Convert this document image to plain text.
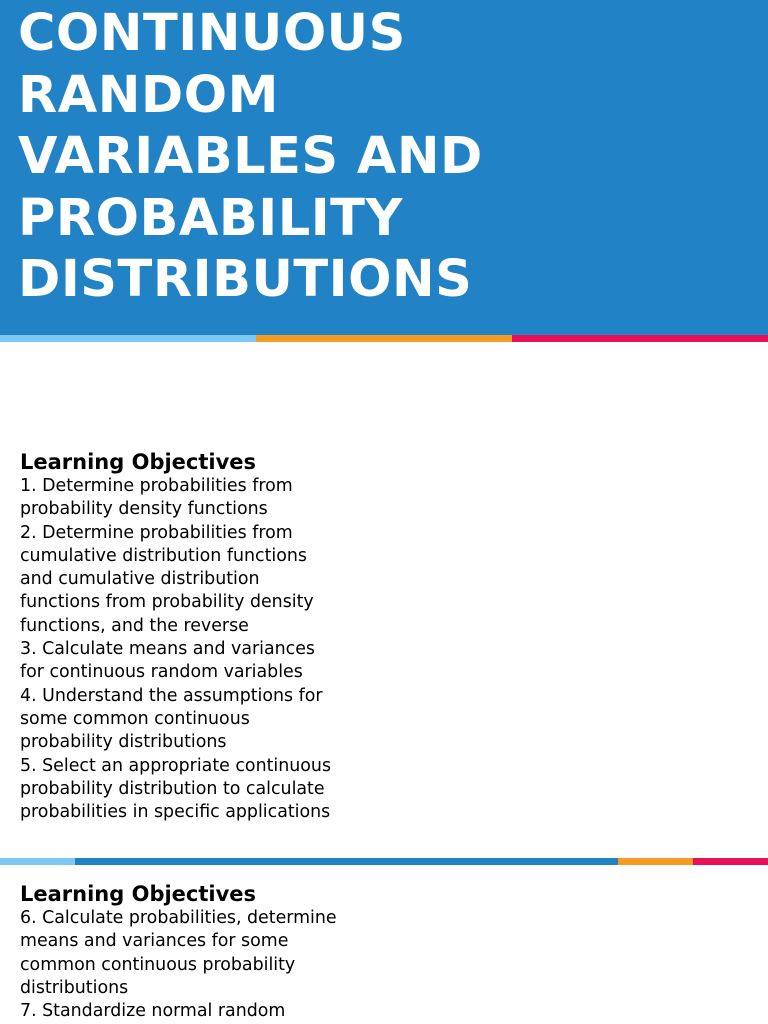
CONTINUOUS
RANDOM
VARIABLES AND
PROBABILITY
DISTRIBUTIONS
Learning Objectives
1. Determine probabilities from
probability density functions
2. Determine probabilities from
cumulative distribution functions
and cumulative distribution
functions from probability density
functions, and the reverse
3. Calculate means and variances
for continuous random variables
4. Understand the assumptions for
some common continuous
probability distributions
5. Select an appropriate continuous
probability distribution to calculate
probabilities in specific applications
Learning Objectives
6. Calculate probabilities, determine
means and variances for some
common continuous probability
distributions
7. Standardize normal random
